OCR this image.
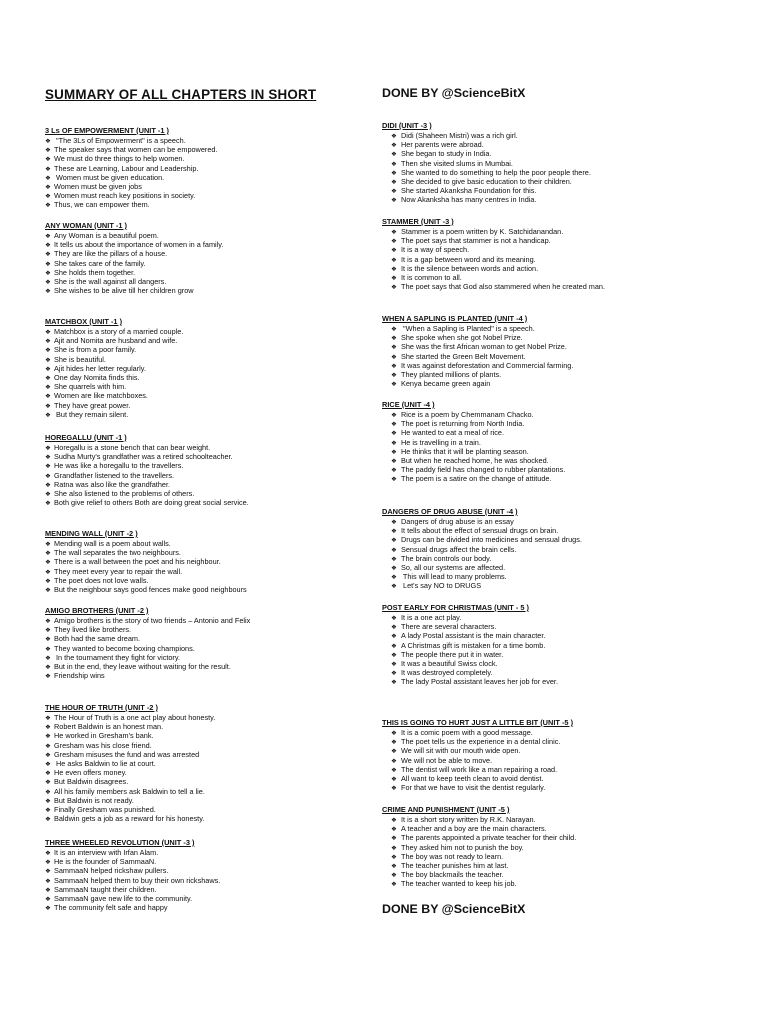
SUMMARY OF ALL CHAPTERS IN SHORT	DONE BY @ScienceBitX
DONE BY @ScienceBitX
3 Ls OF EMPOWERMENT (UNIT -1 )
❖ "The 3Ls of Empowerment" is a speech.
❖ The speaker says that women can be empowered.
❖ We must do three things to help women.
❖ These are Learning, Labour and Leadership.
❖ Women must be given education.
❖ Women must be given jobs
❖ Women must reach key positions in society.
❖ Thus, we can empower them.
ANY WOMAN (UNIT -1 )
❖ Any Woman is a beautiful poem.
❖ It tells us about the importance of women in a family.
❖ They are like the pillars of a house.
❖ She takes care of the family.
❖ She holds them together.
❖ She is the wall against all dangers.
❖ She wishes to be alive till her children grow
MATCHBOX (UNIT -1 )
❖ Matchbox is a story of a married couple.
❖ Ajit and Nomita are husband and wife.
❖ She is from a poor family.
❖ She is beautiful.
❖ Ajit hides her letter regularly.
❖ One day Nomita finds this.
❖ She quarrels with him.
❖ Women are like matchboxes.
❖ They have great power.
❖ But they remain silent.
HOREGALLU (UNIT -1 )
❖ Horegallu is a stone bench that can bear weight.
❖ Sudha Murty's grandfather was a retired schoolteacher.
❖ He was like a horegallu to the travellers.
❖ Grandfather listened to the travellers.
❖ Ratna was also like the grandfather.
❖ She also listened to the problems of others.
❖ Both give relief to others Both are doing great social service.
MENDING WALL (UNIT -2 )
❖ Mending wall is a poem about walls.
❖ The wall separates the two neighbours.
❖ There is a wall between the poet and his neighbour.
❖ They meet every year to repair the wall.
❖ The poet does not love walls.
❖ But the neighbour says good fences make good neighbours
AMIGO BROTHERS (UNIT -2 )
❖ Amigo brothers is the story of two friends – Antonio and Felix
❖ They lived like brothers.
❖ Both had the same dream.
❖ They wanted to become boxing champions.
❖ In the tournament they fight for victory.
❖ But in the end, they leave without waiting for the result.
❖ Friendship wins
THE HOUR OF TRUTH (UNIT -2 )
❖ The Hour of Truth is a one act play about honesty.
❖ Robert Baldwin is an honest man.
❖ He worked in Gresham's bank.
❖ Gresham was his close friend.
❖ Gresham misuses the fund and was arrested
❖ He asks Baldwin to lie at court.
❖ He even offers money.
❖ But Baldwin disagrees.
❖ All his family members ask Baldwin to tell a lie.
❖ But Baldwin is not ready.
❖ Finally Gresham was punished.
❖ Baldwin gets a job as a reward for his honesty.
THREE WHEELED REVOLUTION (UNIT -3 )
❖ It is an interview with Irfan Alam.
❖ He is the founder of SammaaN.
❖ SammaaN helped rickshaw pullers.
❖ SammaaN helped them to buy their own rickshaws.
❖ SammaaN taught their children.
❖ SammaaN gave new life to the community.
❖ The community felt safe and happy
DIDI (UNIT -3 )
❖ Didi (Shaheen Mistri) was a rich girl.
❖ Her parents were abroad.
❖ She began to study in India.
❖ Then she visited slums in Mumbai.
❖ She wanted to do something to help the poor people there.
❖ She decided to give basic education to their children.
❖ She started Akanksha Foundation for this.
❖ Now Akanksha has many centres in India.
STAMMER (UNIT -3 )
❖ Stammer is a poem written by K. Satchidanandan.
❖ The poet says that stammer is not a handicap.
❖ It is a way of speech.
❖ It is a gap between word and its meaning.
❖ It is the silence between words and action.
❖ It is common to all.
❖ The poet says that God also stammered when he created man.
WHEN A SAPLING IS PLANTED (UNIT -4 )
❖ "When a Sapling is Planted" is a speech.
❖ She spoke when she got Nobel Prize.
❖ She was the first African woman to get Nobel Prize.
❖ She started the Green Belt Movement.
❖ It was against deforestation and Commercial farming.
❖ They planted millions of plants.
❖ Kenya became green again
RICE (UNIT -4 )
❖ Rice is a poem by Chemmanam Chacko.
❖ The poet is returning from North India.
❖ He wanted to eat a meal of rice.
❖ He is travelling in a train.
❖ He thinks that it will be planting season.
❖ But when he reached home, he was shocked.
❖ The paddy field has changed to rubber plantations.
❖ The poem is a satire on the change of attitude.
DANGERS OF DRUG ABUSE (UNIT -4 )
❖ Dangers of drug abuse is an essay
❖ It tells about the effect of sensual drugs on brain.
❖ Drugs can be divided into medicines and sensual drugs.
❖ Sensual drugs affect the brain cells.
❖ The brain controls our body.
❖ So, all our systems are affected.
❖ This will lead to many problems.
❖ Let's say NO to DRUGS
POST EARLY FOR CHRISTMAS (UNIT - 5 )
❖ It is a one act play.
❖ There are several characters.
❖ A lady Postal assistant is the main character.
❖ A Christmas gift is mistaken for a time bomb.
❖ The people there put it in water.
❖ It was a beautiful Swiss clock.
❖ It was destroyed completely.
❖ The lady Postal assistant leaves her job for ever.
THIS IS GOING TO HURT JUST A LITTLE BIT (UNIT -5 )
❖ It is a comic poem with a good message.
❖ The poet tells us the experience in a dental clinic.
❖ We will sit with our mouth wide open.
❖ We will not be able to move.
❖ The dentist will work like a man repairing a road.
❖ All want to keep teeth clean to avoid dentist.
❖ For that we have to visit the dentist regularly.
CRIME AND PUNISHMENT (UNIT -5 )
❖ It is a short story written by R.K. Narayan.
❖ A teacher and a boy are the main characters.
❖ The parents appointed a private teacher for their child.
❖ They asked him not to punish the boy.
❖ The boy was not ready to learn.
❖ The teacher punishes him at last.
❖ The boy blackmails the teacher.
❖ The teacher wanted to keep his job.
